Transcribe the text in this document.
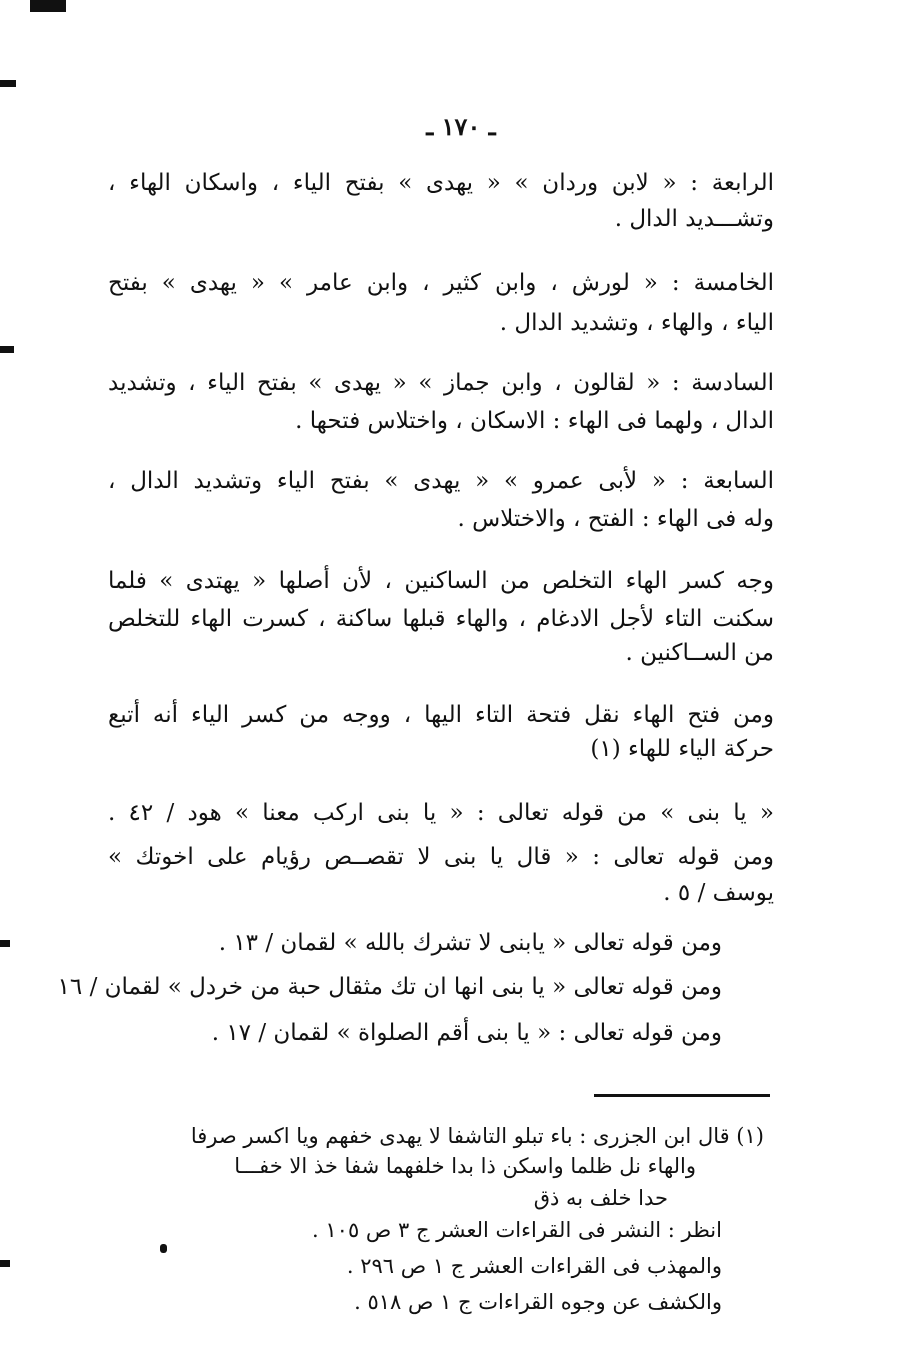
ـ ١٧٠ ـ
الرابعة : « لابن وردان » « يهدى » بفتح الياء ، واسكان الهاء ،
وتشـــديد الدال .
الخامسة : « لورش ، وابن كثير ، وابن عامر » « يهدى » بفتح
الياء ، والهاء ، وتشديد الدال .
السادسة : « لقالون ، وابن جماز » « يهدى » بفتح الياء ، وتشديد
الدال ، ولهما فى الهاء : الاسكان ، واختلاس فتحها .
السابعة : « لأبى عمرو » « يهدى » بفتح الياء وتشديد الدال ،
وله فى الهاء : الفتح ، والاختلاس .
وجه كسر الهاء التخلص من الساكنين ، لأن أصلها « يهتدى » فلما
سكنت التاء لأجل الادغام ، والهاء قبلها ساكنة ، كسرت الهاء للتخلص
من الســاكنين .
ومن فتح الهاء نقل فتحة التاء اليها ، ووجه من كسر الياء أنه أتبع
حركة الياء للهاء (١)
« يا بنى » من قوله تعالى : « يا بنى اركب معنا » هود / ٤٢ .
ومن قوله تعالى : « قال يا بنى لا تقصــص رؤيام على اخوتك »
يوسف / ٥ .
ومن قوله تعالى « يابنى لا تشرك بالله » لقمان / ١٣ .
ومن قوله تعالى « يا بنى انها ان تك مثقال حبة من خردل » لقمان / ١٦
ومن قوله تعالى : « يا بنى أقم الصلواة » لقمان / ١٧ .
(١) قال ابن الجزرى : باء تبلو التاشفا لا يهدى خفهم ويا اكسر صرفا
والهاء نل ظلما واسكن ذا بدا خلفهما شفا خذ الا خفـــا
حدا خلف به ذق
انظر : النشر فى القراءات العشر ج ٣ ص ١٠٥ .
والمهذب فى القراءات العشر ج ١ ص ٢٩٦ .
والكشف عن وجوه القراءات ج ١ ص ٥١٨ .
